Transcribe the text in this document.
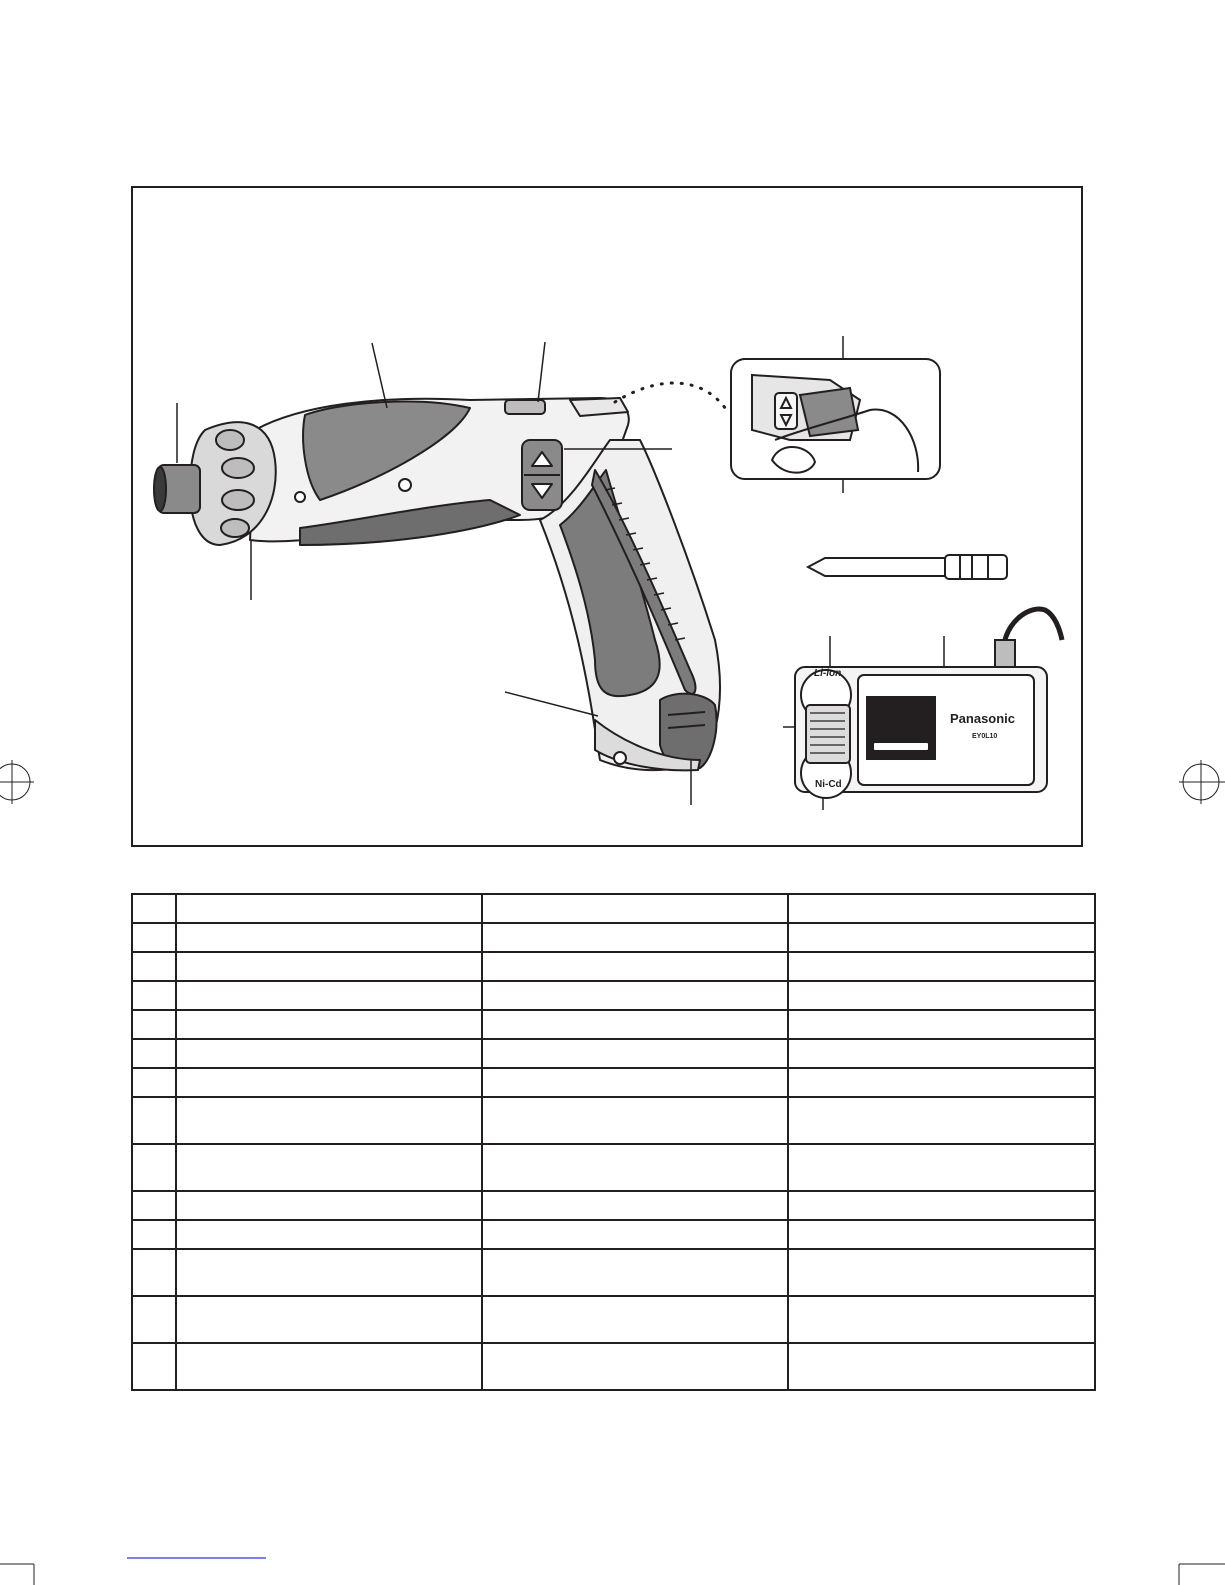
Li-ion
Ni-Cd
Panasonic
EY0L10
